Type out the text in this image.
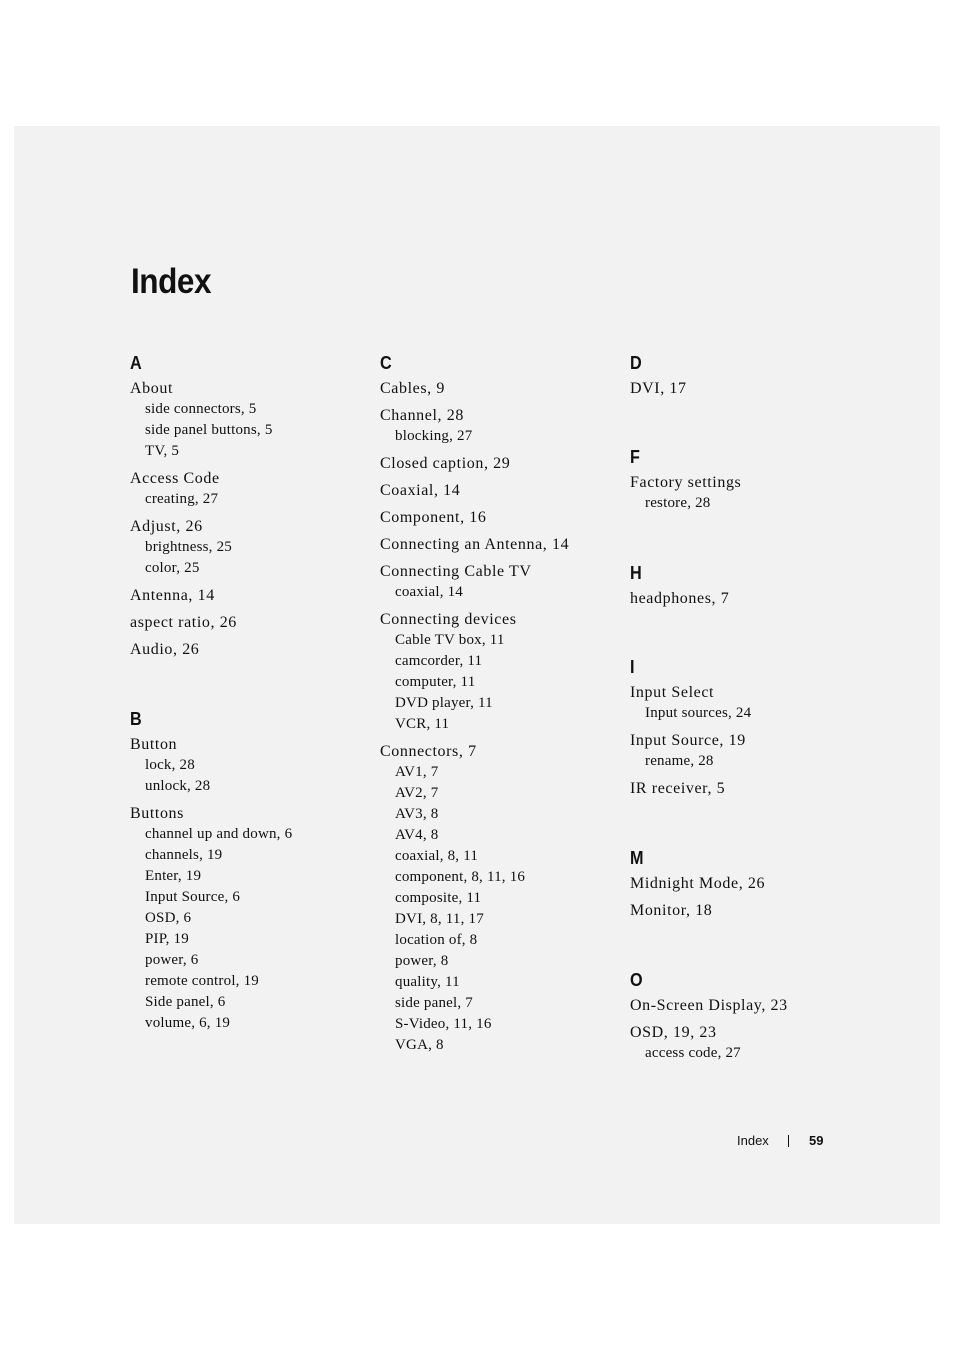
Index
A
About
side connectors, 5
side panel buttons, 5
TV, 5
Access Code
creating, 27
Adjust, 26
brightness, 25
color, 25
Antenna, 14
aspect ratio, 26
Audio, 26
B
Button
lock, 28
unlock, 28
Buttons
channel up and down, 6
channels, 19
Enter, 19
Input Source, 6
OSD, 6
PIP, 19
power, 6
remote control, 19
Side panel, 6
volume, 6, 19
C
Cables, 9
Channel, 28
blocking, 27
Closed caption, 29
Coaxial, 14
Component, 16
Connecting an Antenna, 14
Connecting Cable TV
coaxial, 14
Connecting devices
Cable TV box, 11
camcorder, 11
computer, 11
DVD player, 11
VCR, 11
Connectors, 7
AV1, 7
AV2, 7
AV3, 8
AV4, 8
coaxial, 8, 11
component, 8, 11, 16
composite, 11
DVI, 8, 11, 17
location of, 8
power, 8
quality, 11
side panel, 7
S-Video, 11, 16
VGA, 8
D
DVI, 17
F
Factory settings
restore, 28
H
headphones, 7
I
Input Select
Input sources, 24
Input Source, 19
rename, 28
IR receiver, 5
M
Midnight Mode, 26
Monitor, 18
O
On-Screen Display, 23
OSD, 19, 23
access code, 27
Index	59
